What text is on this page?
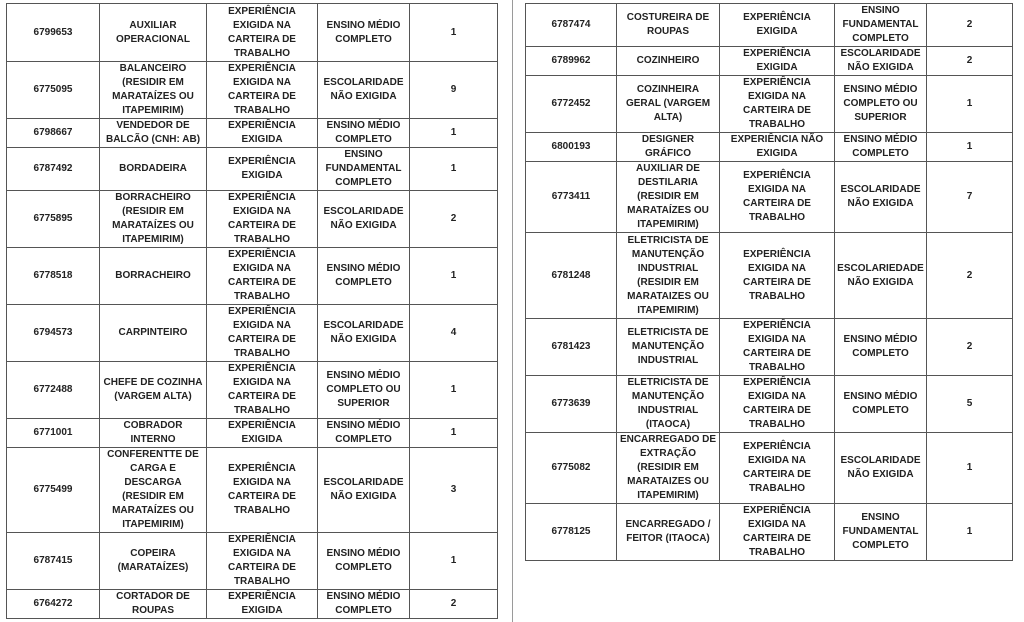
6799653	AUXILIAR OPERACIONAL	EXPERIÊNCIA EXIGIDA NA CARTEIRA DE TRABALHO	ENSINO MÉDIO COMPLETO	1
6775095	BALANCEIRO (RESIDIR EM MARATAÍZES OU ITAPEMIRIM)	EXPERIÊNCIA EXIGIDA NA CARTEIRA DE TRABALHO	ESCOLARIDADE NÃO EXIGIDA	9
6798667	VENDEDOR DE BALCÃO (CNH: AB)	EXPERIÊNCIA EXIGIDA	ENSINO MÉDIO COMPLETO	1
6787492	BORDADEIRA	EXPERIÊNCIA EXIGIDA	ENSINO FUNDAMENTAL COMPLETO	1
6775895	BORRACHEIRO (RESIDIR EM MARATAÍZES OU ITAPEMIRIM)	EXPERIÊNCIA EXIGIDA NA CARTEIRA DE TRABALHO	ESCOLARIDADE NÃO EXIGIDA	2
6778518	BORRACHEIRO	EXPERIÊNCIA EXIGIDA NA CARTEIRA DE TRABALHO	ENSINO MÉDIO COMPLETO	1
6794573	CARPINTEIRO	EXPERIÊNCIA EXIGIDA NA CARTEIRA DE TRABALHO	ESCOLARIDADE NÃO EXIGIDA	4
6772488	CHEFE DE COZINHA (VARGEM ALTA)	EXPERIÊNCIA EXIGIDA NA CARTEIRA DE TRABALHO	ENSINO MÉDIO COMPLETO OU SUPERIOR	1
6771001	COBRADOR INTERNO	EXPERIÊNCIA EXIGIDA	ENSINO MÉDIO COMPLETO	1
6775499	CONFERENTTE DE CARGA E DESCARGA (RESIDIR EM MARATAÍZES OU ITAPEMIRIM)	EXPERIÊNCIA EXIGIDA NA CARTEIRA DE TRABALHO	ESCOLARIDADE NÃO EXIGIDA	3
6787415	COPEIRA (MARATAÍZES)	EXPERIÊNCIA EXIGIDA NA CARTEIRA DE TRABALHO	ENSINO MÉDIO COMPLETO	1
6764272	CORTADOR DE ROUPAS	EXPERIÊNCIA EXIGIDA	ENSINO MÉDIO COMPLETO	2
6787474	COSTUREIRA DE ROUPAS	EXPERIÊNCIA EXIGIDA	ENSINO FUNDAMENTAL COMPLETO	2
6789962	COZINHEIRO	EXPERIÊNCIA EXIGIDA	ESCOLARIDADE NÃO EXIGIDA	2
6772452	COZINHEIRA GERAL (VARGEM ALTA)	EXPERIÊNCIA EXIGIDA NA CARTEIRA DE TRABALHO	ENSINO MÉDIO COMPLETO OU SUPERIOR	1
6800193	DESIGNER GRÁFICO	EXPERIÊNCIA NÃO EXIGIDA	ENSINO MÉDIO COMPLETO	1
6773411	AUXILIAR DE DESTILARIA (RESIDIR EM MARATAÍZES OU ITAPEMIRIM)	EXPERIÊNCIA EXIGIDA NA CARTEIRA DE TRABALHO	ESCOLARIDADE NÃO EXIGIDA	7
6781248	ELETRICISTA DE MANUTENÇÃO INDUSTRIAL (RESIDIR EM MARATAIZES OU ITAPEMIRIM)	EXPERIÊNCIA EXIGIDA NA CARTEIRA DE TRABALHO	ESCOLARIEDADE NÃO EXIGIDA	2
6781423	ELETRICISTA DE MANUTENÇÃO INDUSTRIAL	EXPERIÊNCIA EXIGIDA NA CARTEIRA DE TRABALHO	ENSINO MÉDIO COMPLETO	2
6773639	ELETRICISTA DE MANUTENÇÃO INDUSTRIAL (ITAOCA)	EXPERIÊNCIA EXIGIDA NA CARTEIRA DE TRABALHO	ENSINO MÉDIO COMPLETO	5
6775082	ENCARREGADO DE EXTRAÇÃO (RESIDIR EM MARATAIZES OU ITAPEMIRIM)	EXPERIÊNCIA EXIGIDA NA CARTEIRA DE TRABALHO	ESCOLARIDADE NÃO EXIGIDA	1
6778125	ENCARREGADO / FEITOR (ITAOCA)	EXPERIÊNCIA EXIGIDA NA CARTEIRA DE TRABALHO	ENSINO FUNDAMENTAL COMPLETO	1
